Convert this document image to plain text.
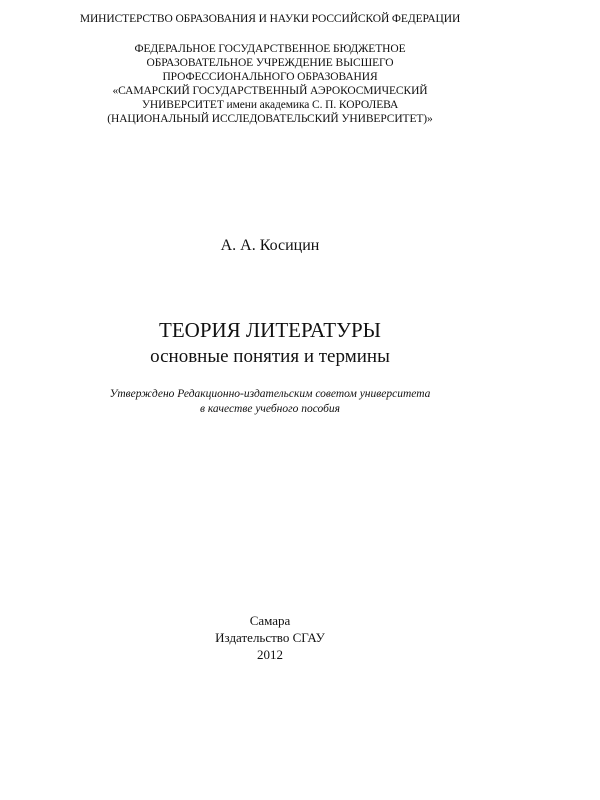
МИНИСТЕРСТВО ОБРАЗОВАНИЯ И НАУКИ РОССИЙСКОЙ ФЕДЕРАЦИИ
ФЕДЕРАЛЬНОЕ ГОСУДАРСТВЕННОЕ БЮДЖЕТНОЕ
ОБРАЗОВАТЕЛЬНОЕ УЧРЕЖДЕНИЕ ВЫСШЕГО
ПРОФЕССИОНАЛЬНОГО ОБРАЗОВАНИЯ
«САМАРСКИЙ ГОСУДАРСТВЕННЫЙ АЭРОКОСМИЧЕСКИЙ
УНИВЕРСИТЕТ имени академика С. П. КОРОЛЕВА
(НАЦИОНАЛЬНЫЙ ИССЛЕДОВАТЕЛЬСКИЙ УНИВЕРСИТЕТ)»
А. А. Косицин
ТЕОРИЯ ЛИТЕРАТУРЫ
основные понятия и термины
Утверждено Редакционно-издательским советом университета
в качестве учебного пособия
Самара
Издательство СГАУ
2012
